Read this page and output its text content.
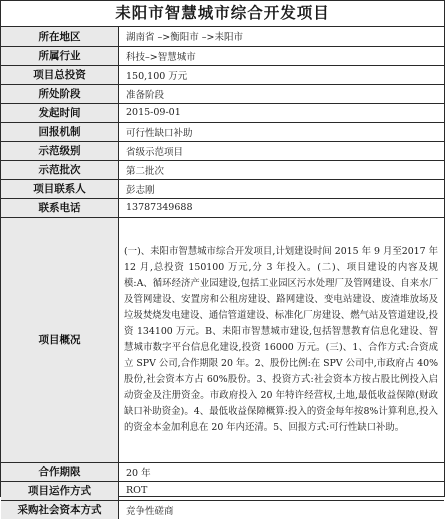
耒阳市智慧城市综合开发项目
所在地区	湖南省 –>衡阳市 –>耒阳市
所属行业	科技–>智慧城市
项目总投资	150,100 万元
所处阶段	准备阶段
发起时间	2015-09-01
回报机制	可行性缺口补助
示范级别	省级示范项目
示范批次	第二批次
项目联系人	彭志刚
联系电话	13787349688
项目概况	(一)、耒阳市智慧城市综合开发项目,计划建设时间 2015 年 9 月至2017 年 12 月,总投资 150100 万元,分 3 年投入。(二)、项目建设的内容及规模:A、循环经济产业园建设,包括工业园区污水处理厂及管网建设、自来水厂及管网建设、安置房和公租房建设、路网建设、变电站建设、废渣堆放场及垃圾焚烧发电建设、通信管道建设、标准化厂房建设、燃气站及管道建设,投资 134100 万元。B、耒阳市智慧城市建设,包括智慧教育信息化建设、智慧城市数字平台信息化建设,投资 16000 万元。(三)、1、合作方式:合资成立 SPV 公司,合作期限 20 年。2、股份比例:在 SPV 公司中,市政府占 40%股份,社会资本方占 60%股份。3、投资方式:社会资本方按占股比例投入启动资金及注册资金。市政府投入 20 年特许经营权,土地,最低收益保障(财政缺口补助资金)。4、最低收益保障概算:投入的资金每年按8%计算利息,投入的资金本金加利息在 20 年内还清。5、回报方式:可行性缺口补助。
合作期限	20 年
项目运作方式	ROT
采购社会资本方式	竞争性磋商
